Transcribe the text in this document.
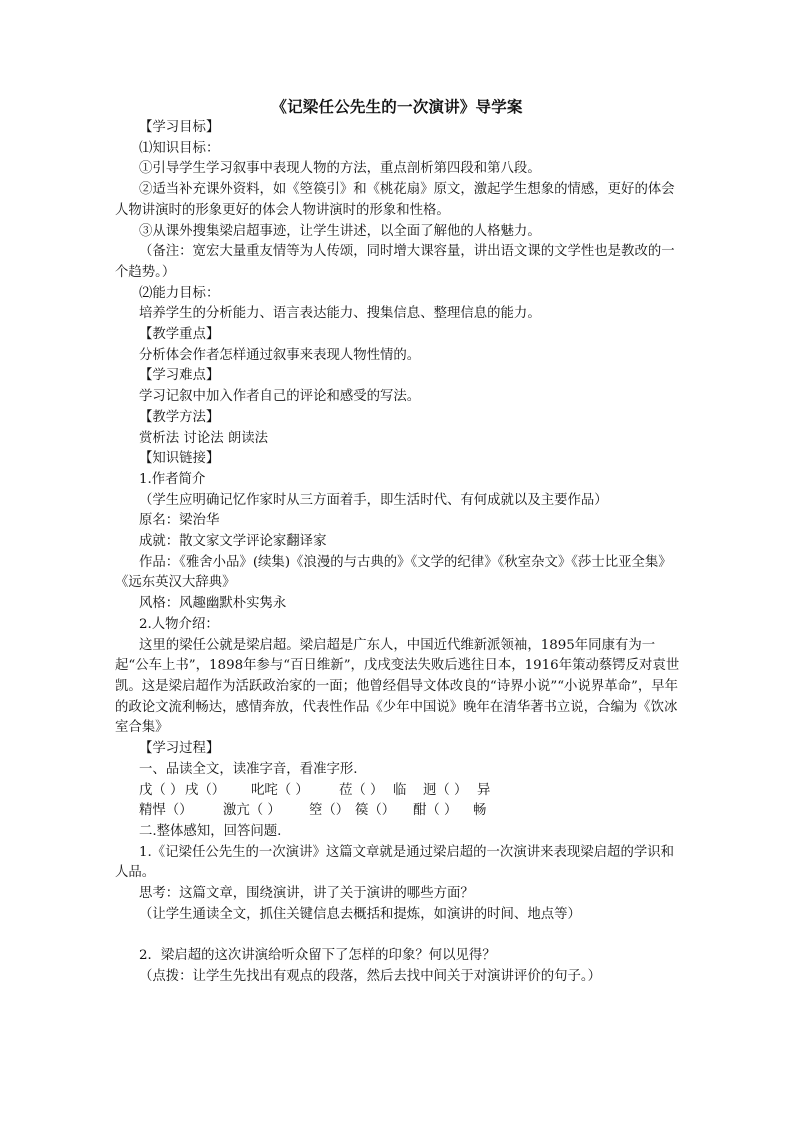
《记梁任公先生的一次演讲》导学案

【学习目标】

⑴知识目标：

①引导学生学习叙事中表现人物的方法，重点剖析第四段和第八段。

②适当补充课外资料，如《箜篌引》和《桃花扇》原文，激起学生想象的情感，更好的体会人物讲演时的形象更好的体会人物讲演时的形象和性格。

③从课外搜集梁启超事迹，让学生讲述，以全面了解他的人格魅力。

（备注：宽宏大量重友情等为人传颂，同时增大课容量，讲出语文课的文学性也是教改的一个趋势。）

⑵能力目标：

培养学生的分析能力、语言表达能力、搜集信息、整理信息的能力。

【教学重点】

分析体会作者怎样通过叙事来表现人物性情的。

【学习难点】

学习记叙中加入作者自己的评论和感受的写法。

【教学方法】

赏析法 讨论法 朗读法

【知识链接】

1.作者简介

（学生应明确记忆作家时从三方面着手，即生活时代、有何成就以及主要作品）

原名：梁治华

成就：散文家文学评论家翻译家

作品：《雅舍小品》(续集)《浪漫的与古典的》《文学的纪律》《秋室杂文》《莎士比亚全集》《远东英汉大辞典》

风格：风趣幽默朴实隽永

2.人物介绍：

这里的梁任公就是梁启超。梁启超是广东人，中国近代维新派领袖，1895年同康有为一起“公车上书”，1898年参与“百日维新”，戊戌变法失败后逃往日本，1916年策动蔡锷反对袁世凯。这是梁启超作为活跃政治家的一面；他曾经倡导文体改良的“诗界小说”“小说界革命”，早年的政论文流利畅达，感情奔放，代表性作品《少年中国说》晚年在清华著书立说，合编为《饮冰室合集》

【学习过程】

一、品读全文，读准字音，看准字形.

戊（ ） 戌（）	叱咤（ ）	莅（ ） 临	迥（ ） 异
精悍（）	激亢（ ）	箜（） 篌（）	酣（ ）	畅

二.整体感知，回答问题.

1.《记梁任公先生的一次演讲》这篇文章就是通过梁启超的一次演讲来表现梁启超的学识和人品。

思考：这篇文章，围绕演讲，讲了关于演讲的哪些方面？

（让学生通读全文，抓住关键信息去概括和提炼，如演讲的时间、地点等）

2．梁启超的这次讲演给听众留下了怎样的印象？何以见得？

（点拨：让学生先找出有观点的段落，然后去找中间关于对演讲评价的句子。）
